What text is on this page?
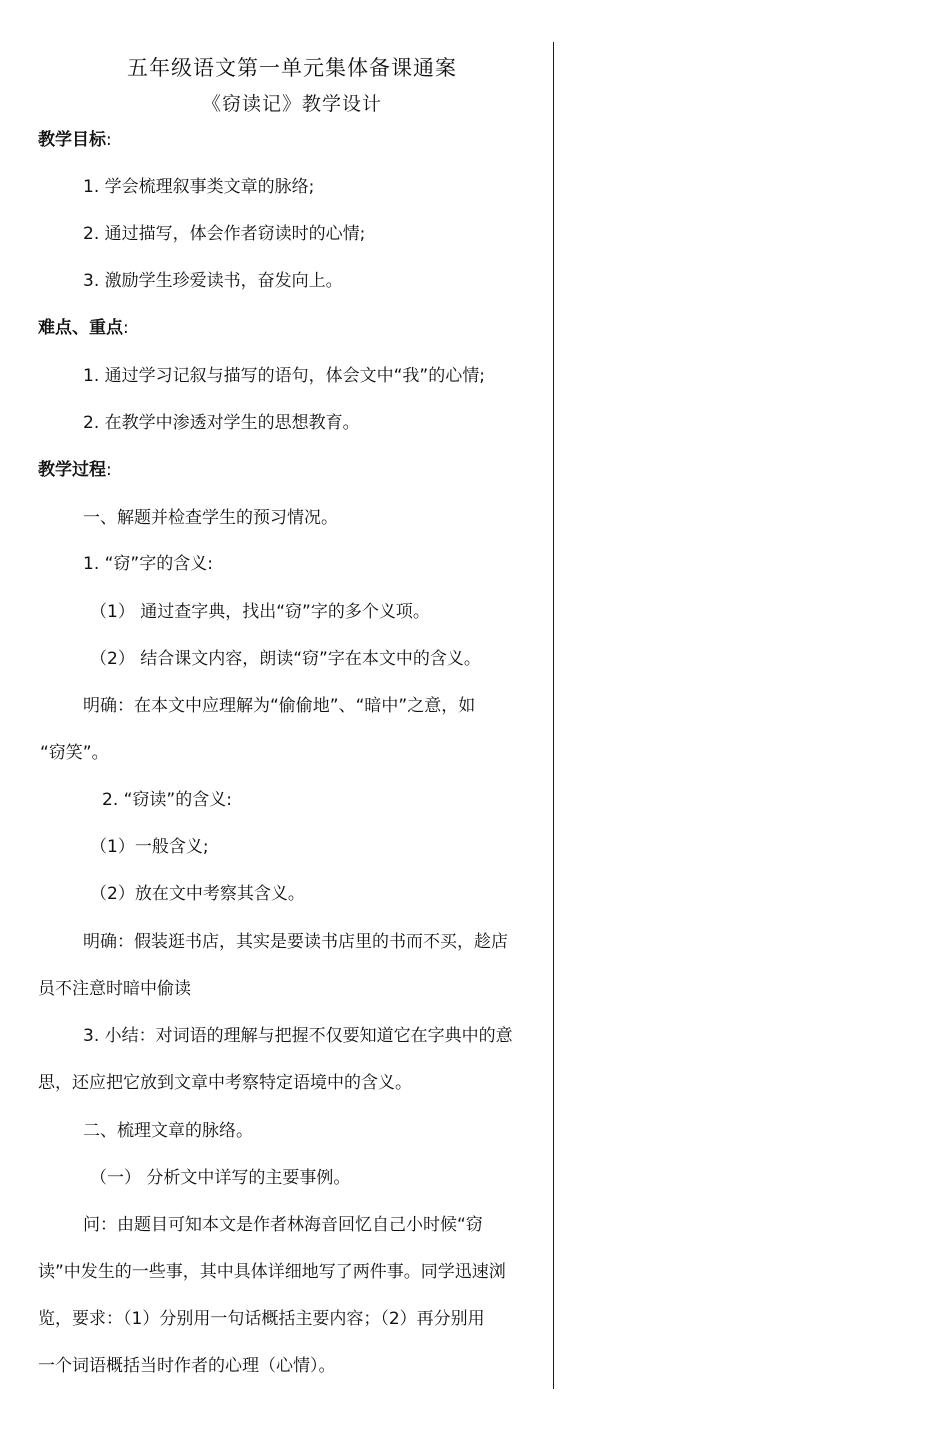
五年级语文第一单元集体备课通案
《窃读记》教学设计
教学目标:
1. 学会梳理叙事类文章的脉络;
2. 通过描写，体会作者窃读时的心情;
3. 激励学生珍爱读书，奋发向上。
难点、重点:
1. 通过学习记叙与描写的语句，体会文中“我”的心情;
2. 在教学中渗透对学生的思想教育。
教学过程:
一、解题并检查学生的预习情况。
1. “窃”字的含义:
（1） 通过查字典，找出“窃”字的多个义项。
（2） 结合课文内容，朗读“窃”字在本文中的含义。
明确：在本文中应理解为“偷偷地”、“暗中”之意，如
“窃笑”。
2. “窃读”的含义:
（1）一般含义;
（2）放在文中考察其含义。
明确：假装逛书店，其实是要读书店里的书而不买，趁店
员不注意时暗中偷读
3. 小结：对词语的理解与把握不仅要知道它在字典中的意
思，还应把它放到文章中考察特定语境中的含义。
二、梳理文章的脉络。
（一） 分析文中详写的主要事例。
问：由题目可知本文是作者林海音回忆自己小时候“窃
读”中发生的一些事，其中具体详细地写了两件事。同学迅速浏
览，要求：（1）分别用一句话概括主要内容；（2）再分别用
一个词语概括当时作者的心理（心情）。
